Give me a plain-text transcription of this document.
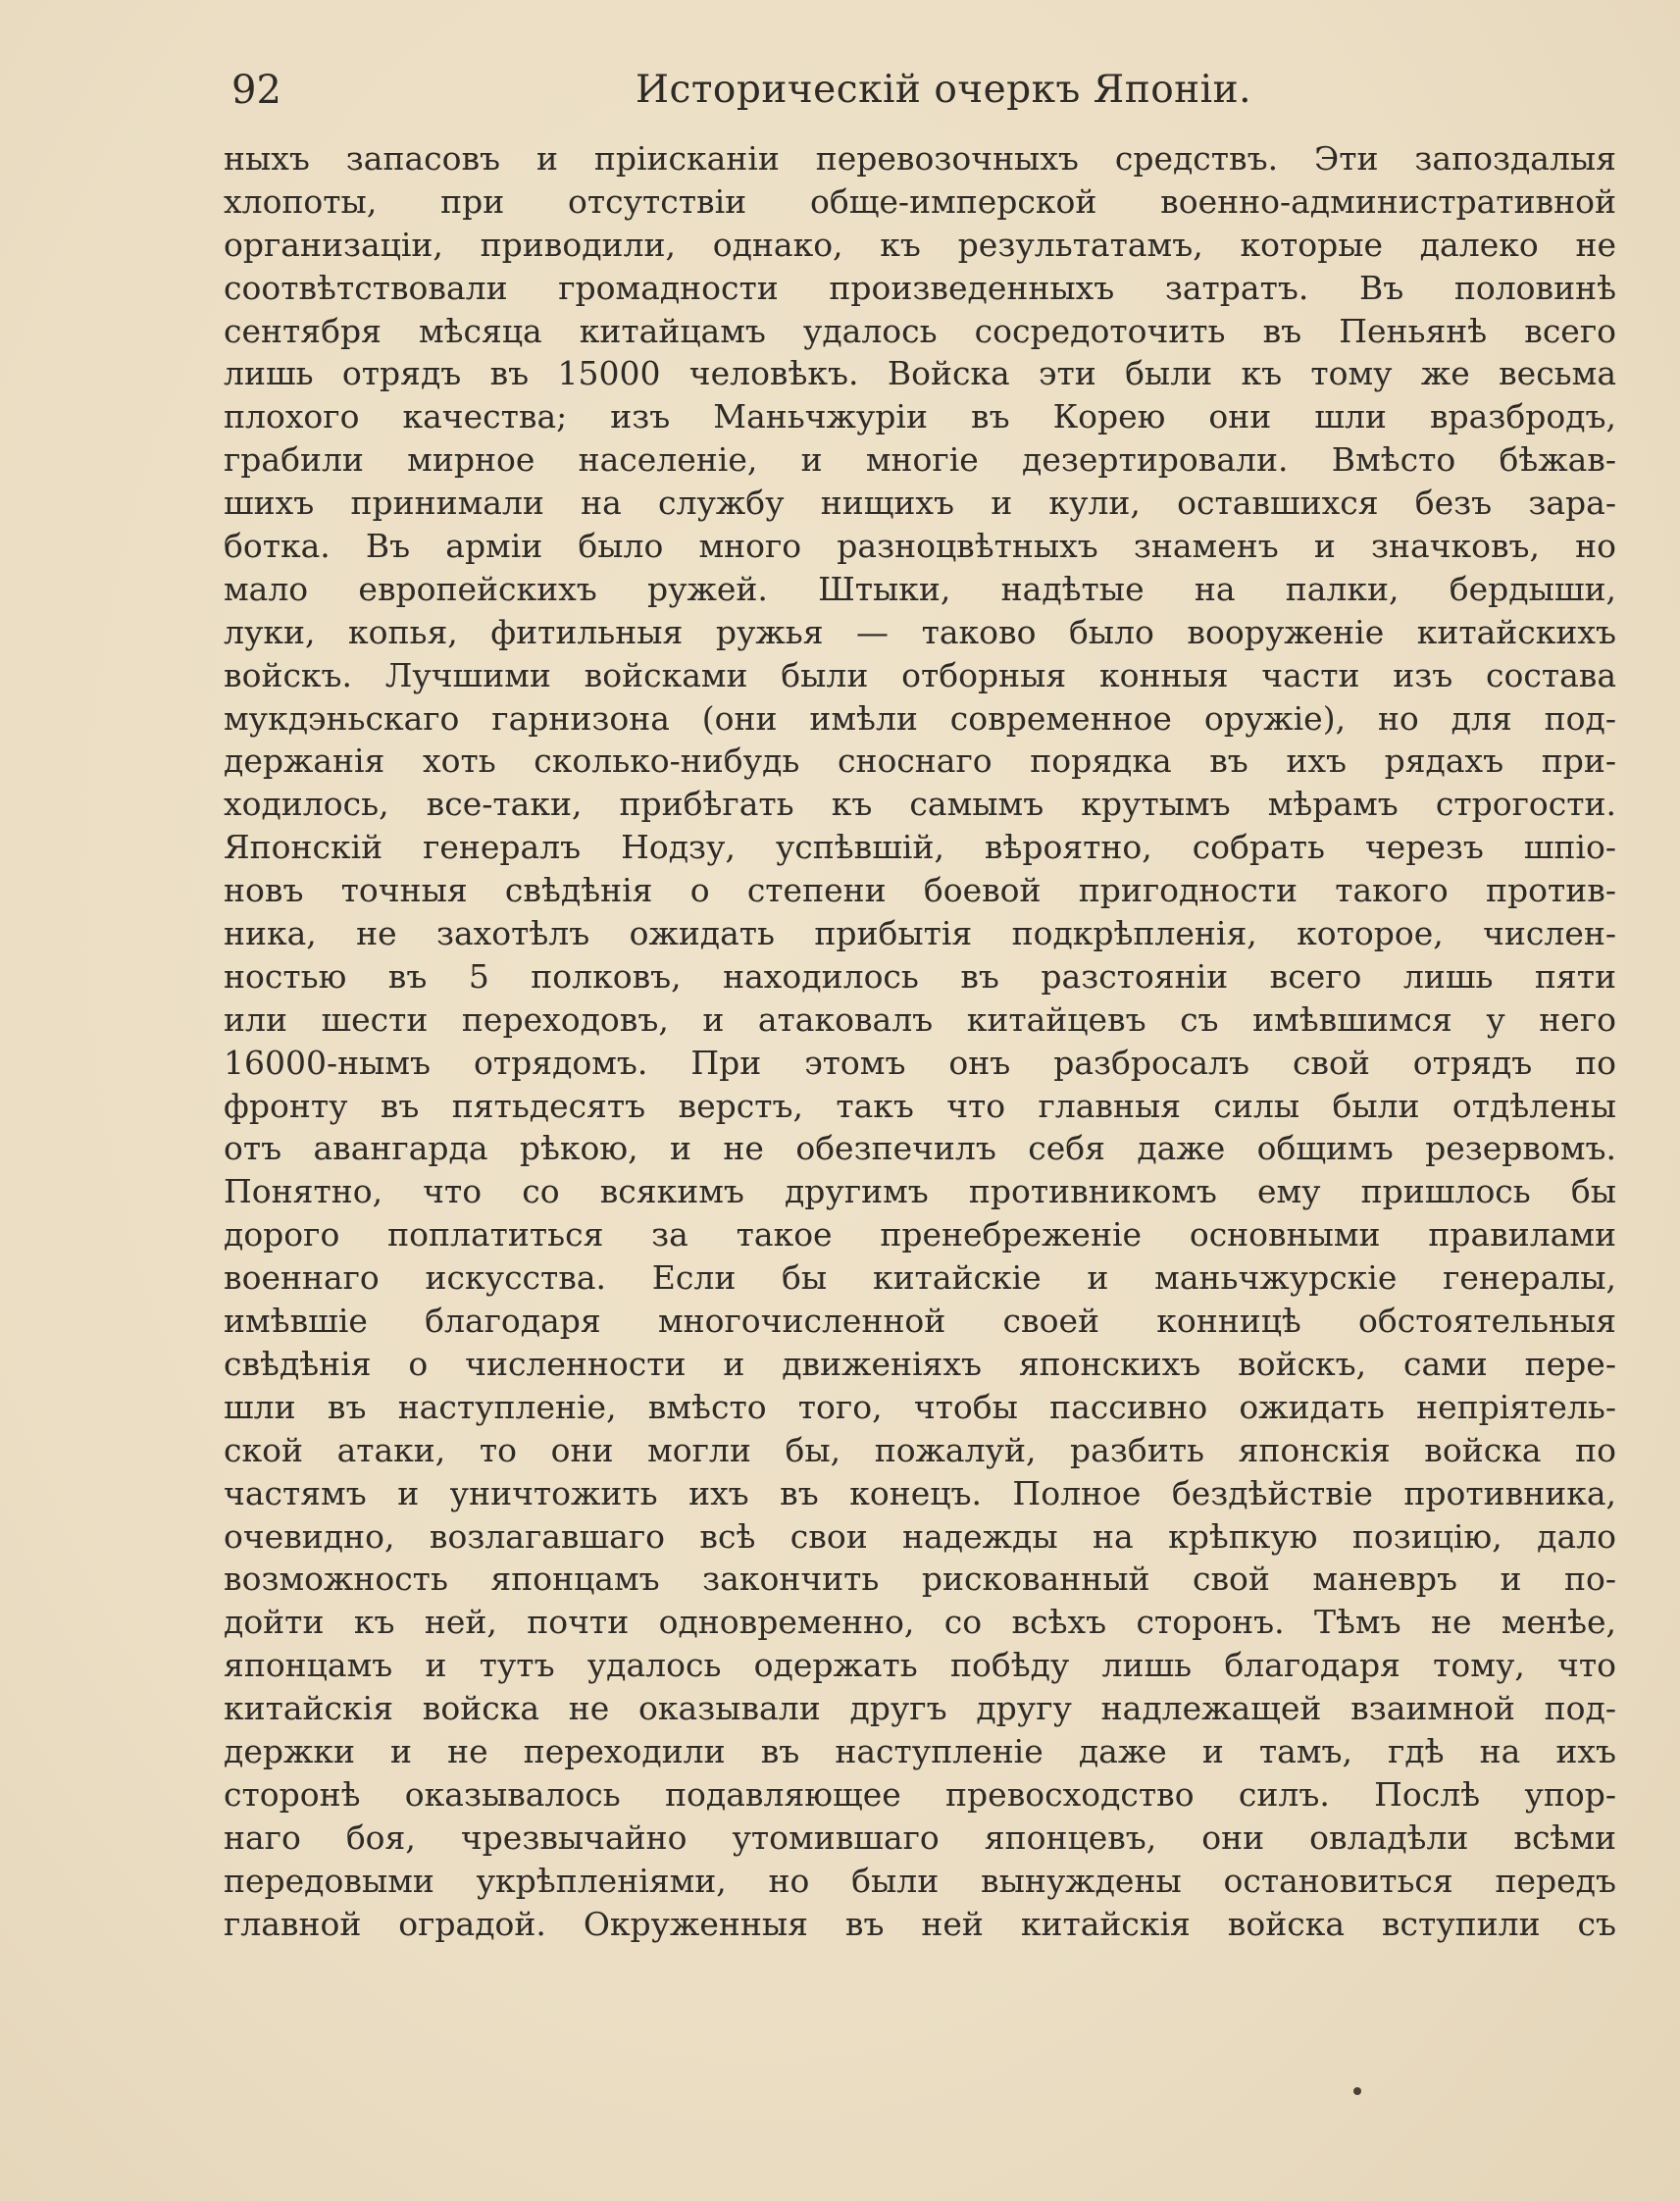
92	Историческій очеркъ Японіи.
ныхъ запасовъ и пріисканіи перевозочныхъ средствъ. Эти запоздалыя
хлопоты, при отсутствіи обще-имперской военно-административной
организаціи, приводили, однако, къ результатамъ, которые далеко не
соотвѣтствовали громадности произведенныхъ затратъ. Въ половинѣ
сентября мѣсяца китайцамъ удалось сосредоточить въ Пеньянѣ всего
лишь отрядъ въ 15000 человѣкъ. Войска эти были къ тому же весьма
плохого качества; изъ Маньчжуріи въ Корею они шли вразбродъ,
грабили мирное населеніе, и многіе дезертировали. Вмѣсто бѣжав-
шихъ принимали на службу нищихъ и кули, оставшихся безъ зара-
ботка. Въ арміи было много разноцвѣтныхъ знаменъ и значковъ, но
мало европейскихъ ружей. Штыки, надѣтые на палки, бердыши,
луки, копья, фитильныя ружья — таково было вооруженіе китайскихъ
войскъ. Лучшими войсками были отборныя конныя части изъ состава
мукдэньскаго гарнизона (они имѣли современное оружіе), но для под-
держанія хоть сколько-нибудь сноснаго порядка въ ихъ рядахъ при-
ходилось, все-таки, прибѣгать къ самымъ крутымъ мѣрамъ строгости.
Японскій генералъ Нодзу, успѣвшій, вѣроятно, собрать черезъ шпіо-
новъ точныя свѣдѣнія о степени боевой пригодности такого против-
ника, не захотѣлъ ожидать прибытія подкрѣпленія, которое, числен-
ностью въ 5 полковъ, находилось въ разстояніи всего лишь пяти
или шести переходовъ, и атаковалъ китайцевъ съ имѣвшимся у него
16000-нымъ отрядомъ. При этомъ онъ разбросалъ свой отрядъ по
фронту въ пятьдесятъ верстъ, такъ что главныя силы были отдѣлены
отъ авангарда рѣкою, и не обезпечилъ себя даже общимъ резервомъ.
Понятно, что со всякимъ другимъ противникомъ ему пришлось бы
дорого поплатиться за такое пренебреженіе основными правилами
военнаго искусства. Если бы китайскіе и маньчжурскіе генералы,
имѣвшіе благодаря многочисленной своей конницѣ обстоятельныя
свѣдѣнія о численности и движеніяхъ японскихъ войскъ, сами пере-
шли въ наступленіе, вмѣсто того, чтобы пассивно ожидать непріятель-
ской атаки, то они могли бы, пожалуй, разбить японскія войска по
частямъ и уничтожить ихъ въ конецъ. Полное бездѣйствіе противника,
очевидно, возлагавшаго всѣ свои надежды на крѣпкую позицію, дало
возможность японцамъ закончить рискованный свой маневръ и по-
дойти къ ней, почти одновременно, со всѣхъ сторонъ. Тѣмъ не менѣе,
японцамъ и тутъ удалось одержать побѣду лишь благодаря тому, что
китайскія войска не оказывали другъ другу надлежащей взаимной под-
держки и не переходили въ наступленіе даже и тамъ, гдѣ на ихъ
сторонѣ оказывалось подавляющее превосходство силъ. Послѣ упор-
наго боя, чрезвычайно утомившаго японцевъ, они овладѣли всѣми
передовыми укрѣпленіями, но были вынуждены остановиться передъ
главной оградой. Окруженныя въ ней китайскія войска вступили съ
